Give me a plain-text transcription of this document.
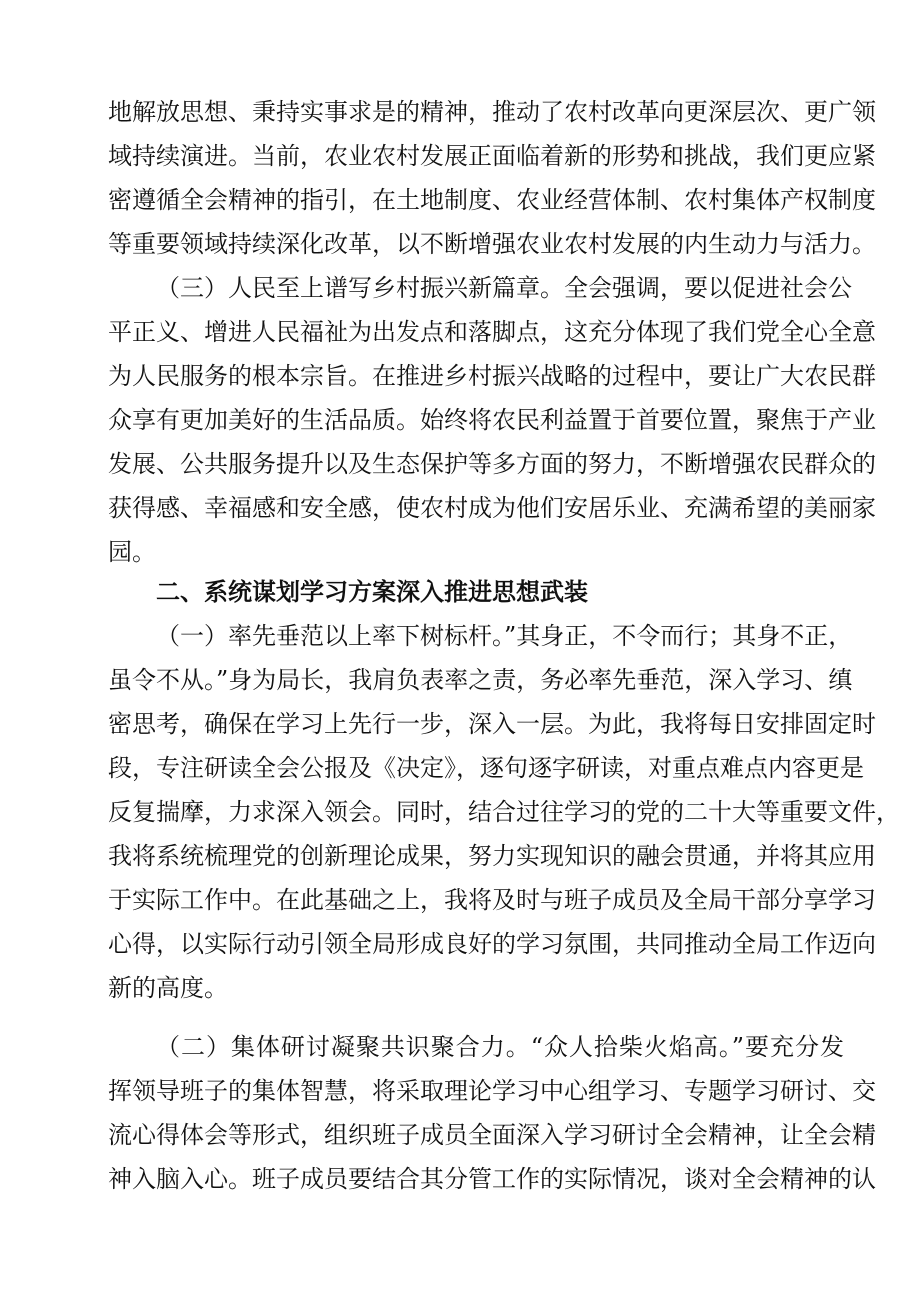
地解放思想、秉持实事求是的精神，推动了农村改革向更深层次、更广领
域持续演进。当前，农业农村发展正面临着新的形势和挑战，我们更应紧
密遵循全会精神的指引，在土地制度、农业经营体制、农村集体产权制度
等重要领域持续深化改革，以不断增强农业农村发展的内生动力与活力。
（三）人民至上谱写乡村振兴新篇章。全会强调，要以促进社会公
平正义、增进人民福祉为出发点和落脚点，这充分体现了我们党全心全意
为人民服务的根本宗旨。在推进乡村振兴战略的过程中，要让广大农民群
众享有更加美好的生活品质。始终将农民利益置于首要位置，聚焦于产业
发展、公共服务提升以及生态保护等多方面的努力，不断增强农民群众的
获得感、幸福感和安全感，使农村成为他们安居乐业、充满希望的美丽家
园。
二、系统谋划学习方案深入推进思想武装
（一）率先垂范以上率下树标杆。”其身正，不令而行；其身不正，
虽令不从。”身为局长，我肩负表率之责，务必率先垂范，深入学习、缜
密思考，确保在学习上先行一步，深入一层。为此，我将每日安排固定时
段，专注研读全会公报及《决定》，逐句逐字研读，对重点难点内容更是
反复揣摩，力求深入领会。同时，结合过往学习的党的二十大等重要文件，
我将系统梳理党的创新理论成果，努力实现知识的融会贯通，并将其应用
于实际工作中。在此基础之上，我将及时与班子成员及全局干部分享学习
心得，以实际行动引领全局形成良好的学习氛围，共同推动全局工作迈向
新的高度。
（二）集体研讨凝聚共识聚合力。“众人拾柴火焰高。”要充分发
挥领导班子的集体智慧，将采取理论学习中心组学习、专题学习研讨、交
流心得体会等形式，组织班子成员全面深入学习研讨全会精神，让全会精
神入脑入心。班子成员要结合其分管工作的实际情况，谈对全会精神的认
